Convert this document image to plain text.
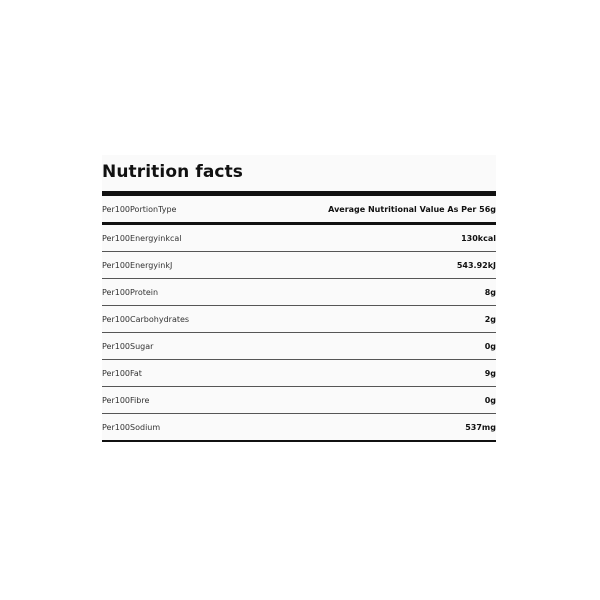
Nutrition facts
Per100PortionType	Average Nutritional Value As Per 56g
Per100Energyinkcal	130kcal
Per100EnergyinkJ	543.92kJ
Per100Protein	8g
Per100Carbohydrates	2g
Per100Sugar	0g
Per100Fat	9g
Per100Fibre	0g
Per100Sodium	537mg
